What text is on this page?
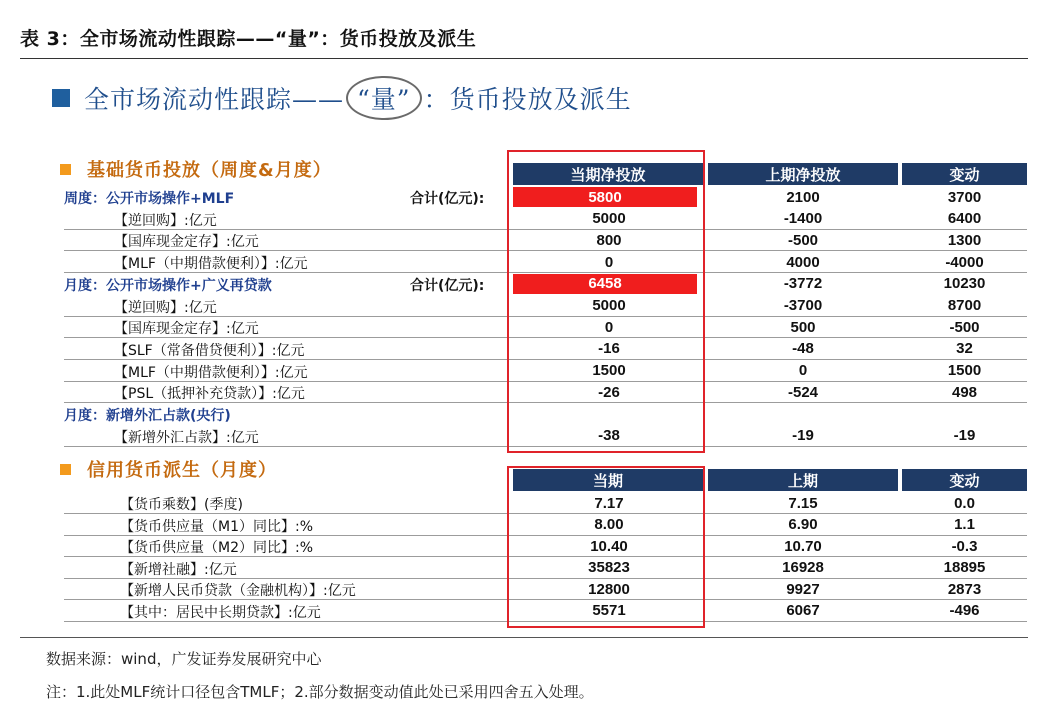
表 3：全市场流动性跟踪——“量”：货币投放及派生
全市场流动性跟踪—— “量” ：货币投放及派生
基础货币投放（周度&月度）	当期净投放	上期净投放	变动
周度：公开市场操作+MLF	合计(亿元):	5800	2100	3700
【逆回购】:亿元	5000	-1400	6400
【国库现金定存】:亿元	800	-500	1300
【MLF（中期借款便利）】:亿元	0	4000	-4000
月度：公开市场操作+广义再贷款	合计(亿元):	6458	-3772	10230
【逆回购】:亿元	5000	-3700	8700
【国库现金定存】:亿元	0	500	-500
【SLF（常备借贷便利）】:亿元	-16	-48	32
【MLF（中期借款便利）】:亿元	1500	0	1500
【PSL（抵押补充贷款）】:亿元	-26	-524	498
月度：新增外汇占款(央行)
【新增外汇占款】:亿元	-38	-19	-19
信用货币派生（月度）	当期	上期	变动
【货币乘数】(季度)	7.17	7.15	0.0
【货币供应量（M1）同比】:%	8.00	6.90	1.1
【货币供应量（M2）同比】:%	10.40	10.70	-0.3
【新增社融】:亿元	35823	16928	18895
【新增人民币贷款（金融机构）】:亿元	12800	9927	2873
【其中：居民中长期贷款】:亿元	5571	6067	-496
数据来源：wind，广发证券发展研究中心
注：1.此处MLF统计口径包含TMLF；2.部分数据变动值此处已采用四舍五入处理。
